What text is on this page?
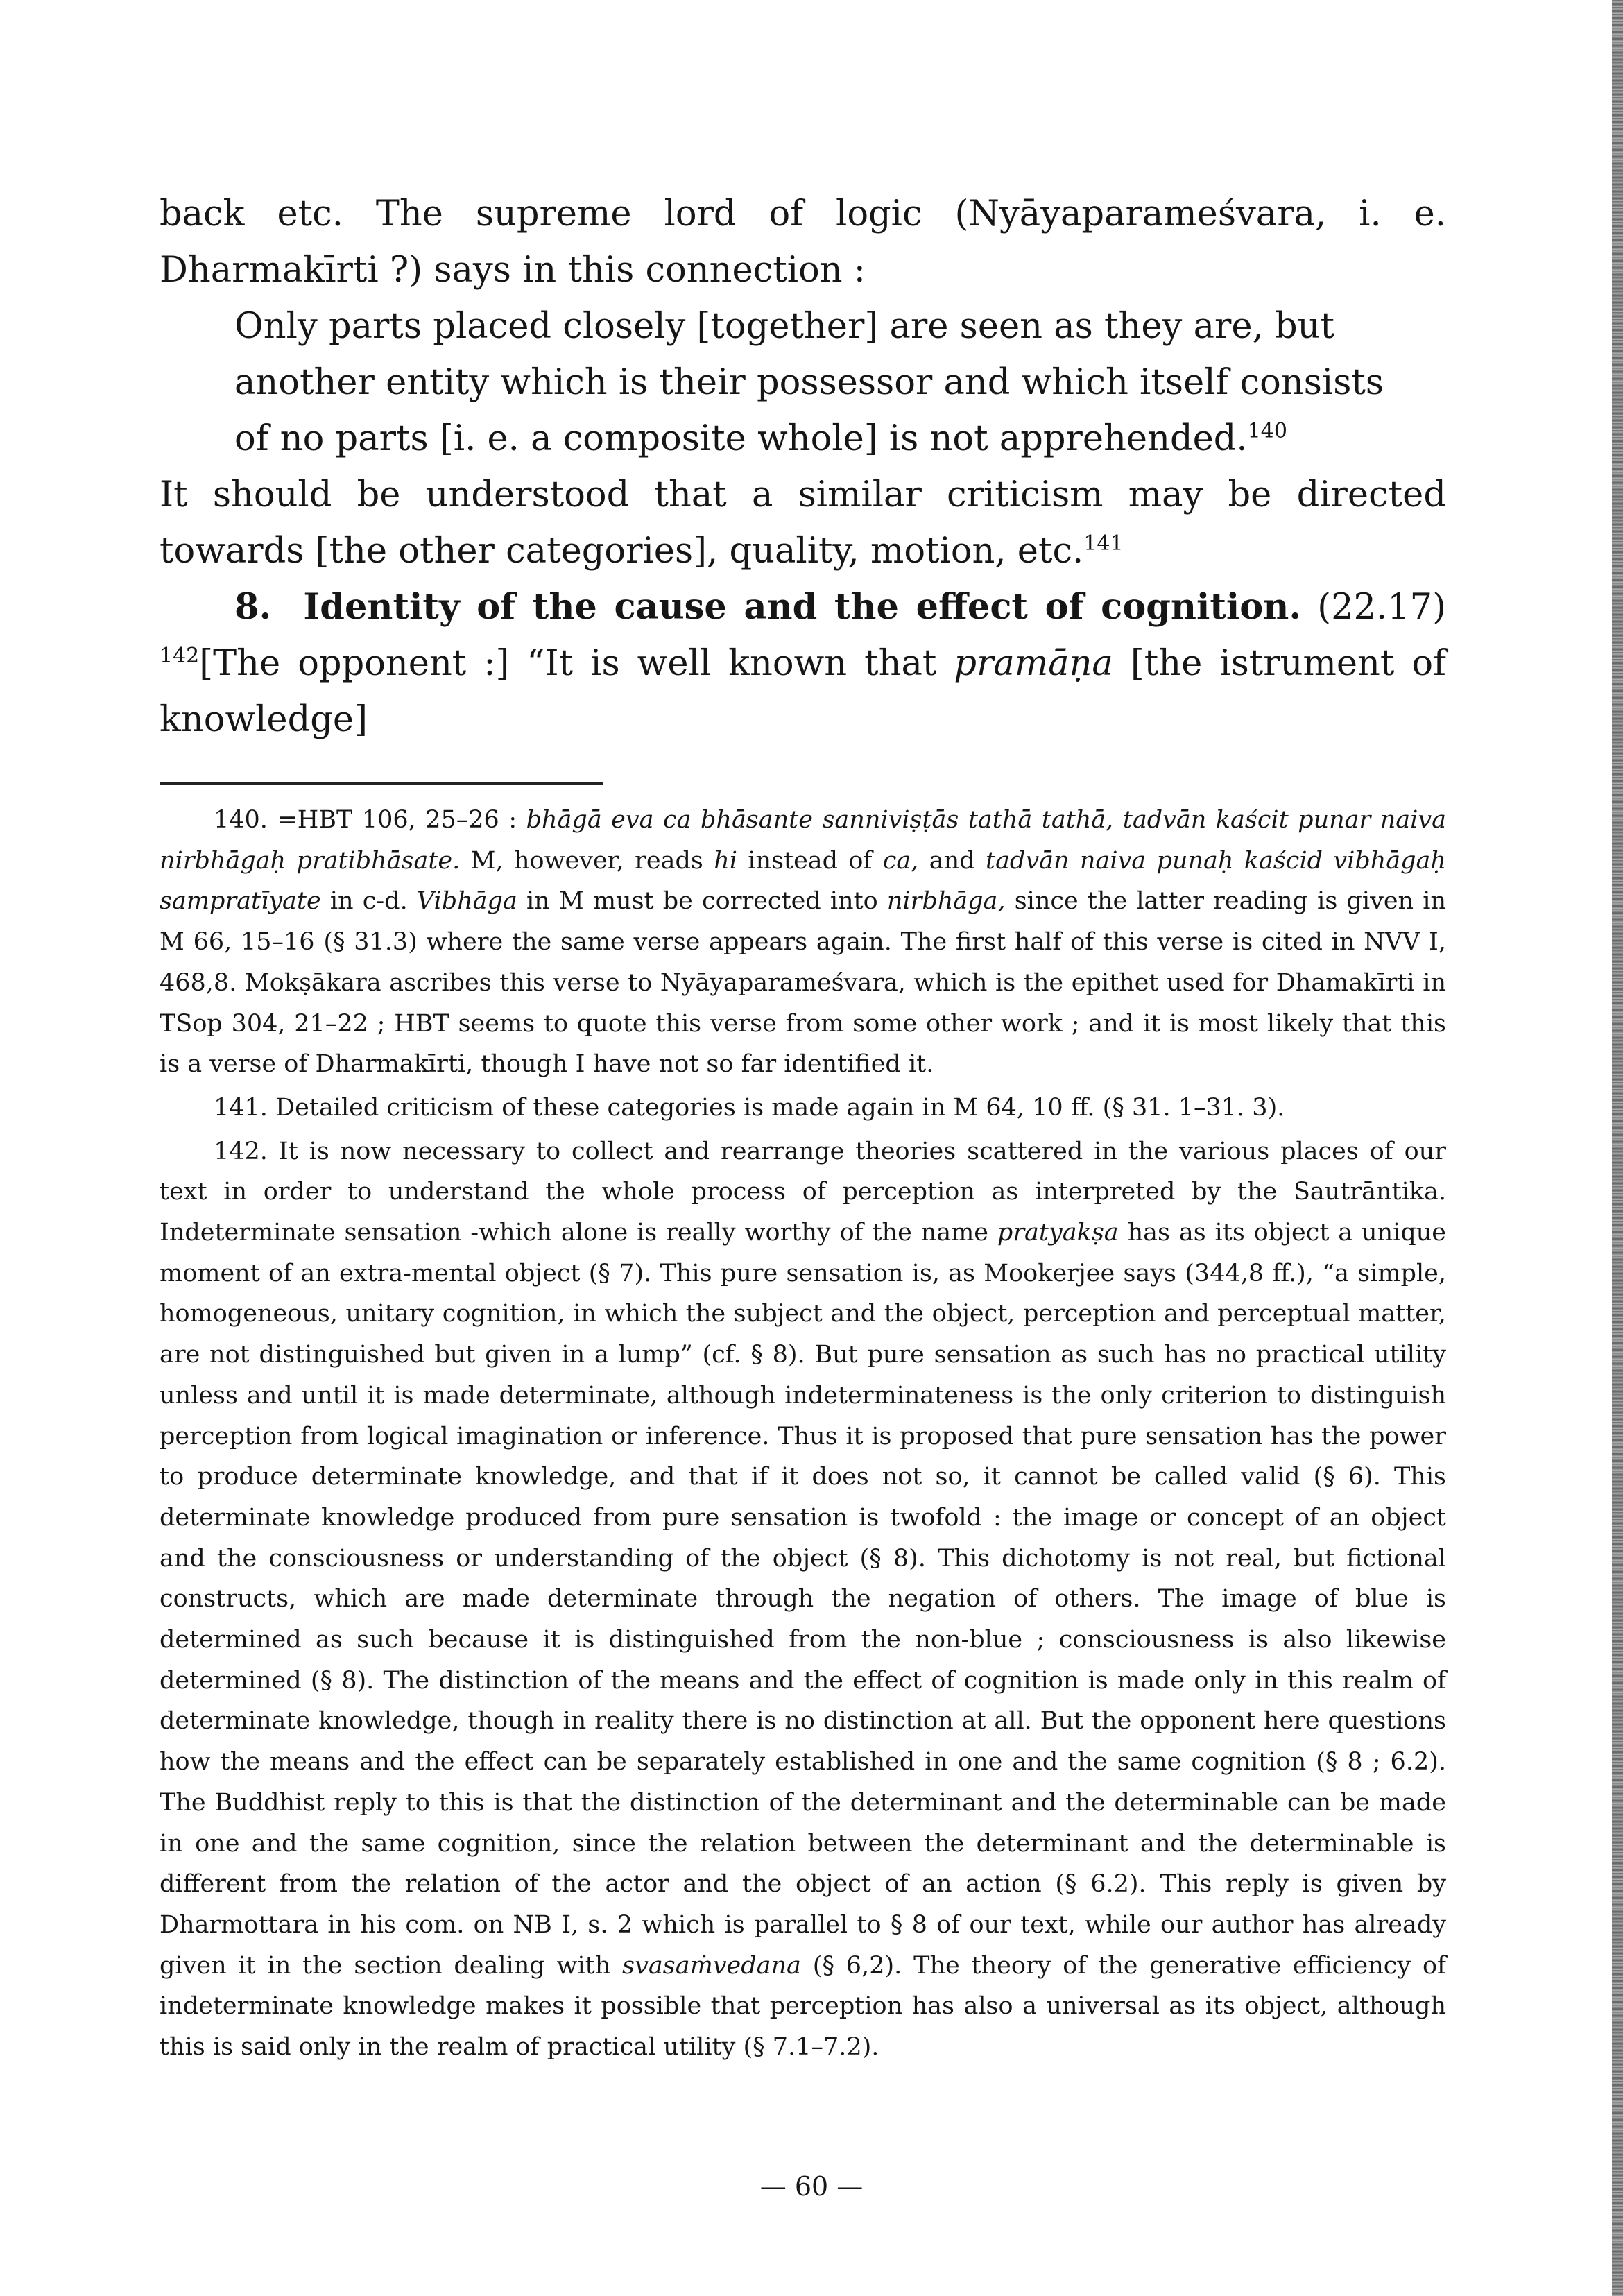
back etc. The supreme lord of logic (Nyāyaparameśvara, i. e. Dharmakīrti ?) says in this connection :

Only parts placed closely [together] are seen as they are, but another entity which is their possessor and which itself consists of no parts [i. e. a composite whole] is not apprehended.$^{140}$

It should be understood that a similar criticism may be directed towards [the other categories], quality, motion, etc.$^{141}$

8. Identity of the cause and the effect of cognition. (22.17) $^{142}$[The opponent :] “It is well known that pramāṇa [the istrument of knowledge]

140. =HBT 106, 25–26 : bhāgā eva ca bhāsante sanniviṣṭās tathā tathā, tadvān kaścit punar naiva nirbhāgaḥ pratibhāsate. M, however, reads hi instead of ca, and tadvān naiva punaḥ kaścid vibhāgaḥ sampratīyate in c-d. Vibhāga in M must be corrected into nirbhāga, since the latter reading is given in M 66, 15–16 (§ 31.3) where the same verse appears again. The first half of this verse is cited in NVV I, 468,8. Mokṣākara ascribes this verse to Nyāyaparameśvara, which is the epithet used for Dhamakīrti in TSop 304, 21–22 ; HBT seems to quote this verse from some other work ; and it is most likely that this is a verse of Dharmakīrti, though I have not so far identified it.

141. Detailed criticism of these categories is made again in M 64, 10 ff. (§ 31. 1–31. 3).

142. It is now necessary to collect and rearrange theories scattered in the various places of our text in order to understand the whole process of perception as interpreted by the Sautrāntika. Indeterminate sensation -which alone is really worthy of the name pratyakṣa has as its object a unique moment of an extra-mental object (§ 7). This pure sensation is, as Mookerjee says (344,8 ff.), “a simple, homogeneous, unitary cognition, in which the subject and the object, perception and perceptual matter, are not distinguished but given in a lump” (cf. § 8). But pure sensation as such has no practical utility unless and until it is made determinate, although indeterminateness is the only criterion to distinguish perception from logical imagination or inference. Thus it is proposed that pure sensation has the power to produce determinate knowledge, and that if it does not so, it cannot be called valid (§ 6). This determinate knowledge produced from pure sensation is twofold : the image or concept of an object and the consciousness or understanding of the object (§ 8). This dichotomy is not real, but fictional constructs, which are made determinate through the negation of others. The image of blue is determined as such because it is distinguished from the non-blue ; consciousness is also likewise determined (§ 8). The distinction of the means and the effect of cognition is made only in this realm of determinate knowledge, though in reality there is no distinction at all. But the opponent here questions how the means and the effect can be separately established in one and the same cognition (§ 8 ; 6.2). The Buddhist reply to this is that the distinction of the determinant and the determinable can be made in one and the same cognition, since the relation between the determinant and the determinable is different from the relation of the actor and the object of an action (§ 6.2). This reply is given by Dharmottara in his com. on NB I, s. 2 which is parallel to § 8 of our text, while our author has already given it in the section dealing with svasaṁvedana (§ 6,2). The theory of the generative efficiency of indeterminate knowledge makes it possible that perception has also a universal as its object, although this is said only in the realm of practical utility (§ 7.1–7.2).

— 60 —
